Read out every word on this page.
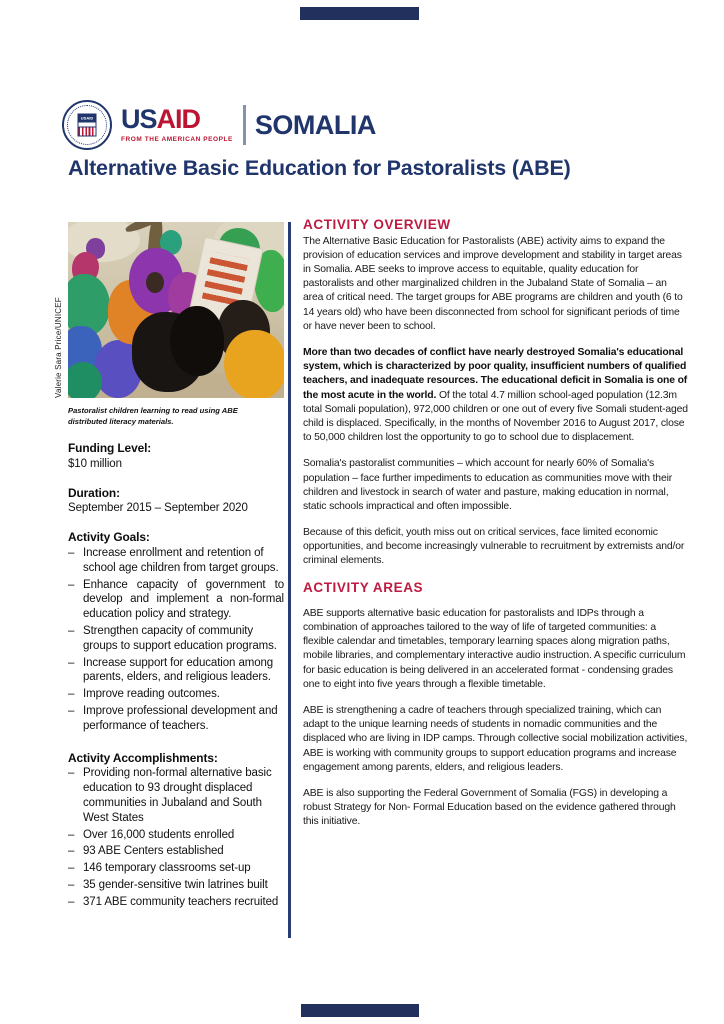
USAID USAID
FROM THE AMERICAN PEOPLE
SOMALIA
Alternative Basic Education for Pastoralists (ABE)
Valerie Sara Price/UNICEF
Pastoralist children learning to read using ABE distributed literacy materials.
Funding Level:
$10 million
Duration:
September 2015 – September 2020
Activity Goals:
– Increase enrollment and retention of school age children from target groups.
– Enhance capacity of government to develop and implement a non-formal education policy and strategy.
– Strengthen capacity of community groups to support education programs.
– Increase support for education among parents, elders, and religious leaders.
– Improve reading outcomes.
– Improve professional development and performance of teachers.
Activity Accomplishments:
– Providing non-formal alternative basic education to 93 drought displaced communities in Jubaland and South West States
– Over 16,000 students enrolled
– 93 ABE Centers established
– 146 temporary classrooms set-up
– 35 gender-sensitive twin latrines built
– 371 ABE community teachers recruited
ACTIVITY OVERVIEW

The Alternative Basic Education for Pastoralists (ABE) activity aims to expand the provision of education services and improve development and stability in target areas in Somalia. ABE seeks to improve access to equitable, quality education for pastoralists and other marginalized children in the Jubaland State of Somalia – an area of critical need. The target groups for ABE programs are children and youth (6 to 14 years old) who have been disconnected from school for significant periods of time or have never been to school.

More than two decades of conflict have nearly destroyed Somalia's educational system, which is characterized by poor quality, insufficient numbers of qualified teachers, and inadequate resources. The educational deficit in Somalia is one of the most acute in the world. Of the total 4.7 million school-aged population (12.3m total Somali population), 972,000 children or one out of every five Somali student-aged child is displaced. Specifically, in the months of November 2016 to August 2017, close to 50,000 children lost the opportunity to go to school due to displacement.

Somalia's pastoralist communities – which account for nearly 60% of Somalia's population – face further impediments to education as communities move with their children and livestock in search of water and pasture, making education in normal, static schools impractical and often impossible.

Because of this deficit, youth miss out on critical services, face limited economic opportunities, and become increasingly vulnerable to recruitment by extremists and/or criminal elements.

ACTIVITY AREAS

ABE supports alternative basic education for pastoralists and IDPs through a combination of approaches tailored to the way of life of targeted communities: a flexible calendar and timetables, temporary learning spaces along migration paths, mobile libraries, and complementary interactive audio instruction. A specific curriculum for basic education is being delivered in an accelerated format - condensing grades one to eight into five years through a flexible timetable.

ABE is strengthening a cadre of teachers through specialized training, which can adapt to the unique learning needs of students in nomadic communities and the displaced who are living in IDP camps. Through collective social mobilization activities, ABE is working with community groups to support education programs and increase engagement among parents, elders, and religious leaders.

ABE is also supporting the Federal Government of Somalia (FGS) in developing a robust Strategy for Non- Formal Education based on the evidence gathered through this initiative.
